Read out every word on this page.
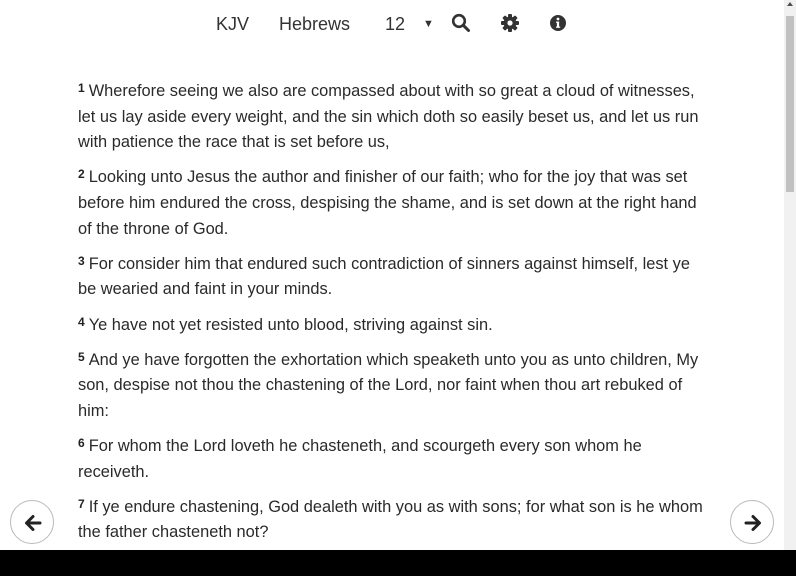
KJV Hebrews 12 ▼

$^1$ Wherefore seeing we also are compassed about with so great a cloud of witnesses, let us lay aside every weight, and the sin which doth so easily beset us, and let us run with patience the race that is set before us,

$^2$ Looking unto Jesus the author and finisher of our faith; who for the joy that was set before him endured the cross, despising the shame, and is set down at the right hand of the throne of God.

$^3$ For consider him that endured such contradiction of sinners against himself, lest ye be wearied and faint in your minds.

$^4$ Ye have not yet resisted unto blood, striving against sin.

$^5$ And ye have forgotten the exhortation which speaketh unto you as unto children, My son, despise not thou the chastening of the Lord, nor faint when thou art rebuked of him:

$^6$ For whom the Lord loveth he chasteneth, and scourgeth every son whom he receiveth.

$^7$ If ye endure chastening, God dealeth with you as with sons; for what son is he whom the father chasteneth not?
